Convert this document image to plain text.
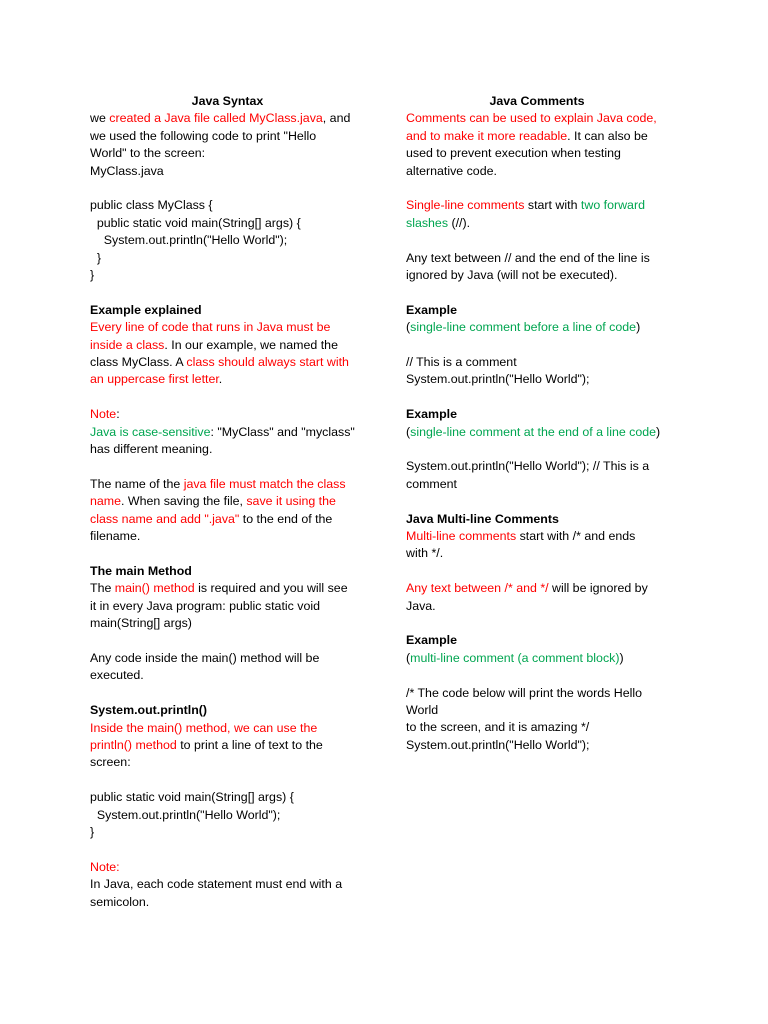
Java Syntax
we created a Java file called MyClass.java, and
we used the following code to print "Hello
World" to the screen:
MyClass.java
public class MyClass {
public static void main(String[] args) {
System.out.println("Hello World");
}
}
Example explained
Every line of code that runs in Java must be
inside a class. In our example, we named the
class MyClass. A class should always start with
an uppercase first letter.
Note:
Java is case-sensitive: "MyClass" and "myclass"
has different meaning.
The name of the java file must match the class
name. When saving the file, save it using the
class name and add ".java" to the end of the
filename.
The main Method
The main() method is required and you will see
it in every Java program: public static void
main(String[] args)
Any code inside the main() method will be
executed.
System.out.println()
Inside the main() method, we can use the
println() method to print a line of text to the
screen:
public static void main(String[] args) {
System.out.println("Hello World");
}
Note:
In Java, each code statement must end with a
semicolon.
Java Comments
Comments can be used to explain Java code,
and to make it more readable. It can also be
used to prevent execution when testing
alternative code.
Single-line comments start with two forward
slashes (//).
Any text between // and the end of the line is
ignored by Java (will not be executed).
Example
(single-line comment before a line of code)
// This is a comment
System.out.println("Hello World");
Example
(single-line comment at the end of a line code)
System.out.println("Hello World"); // This is a
comment
Java Multi-line Comments
Multi-line comments start with /* and ends
with */.
Any text between /* and */ will be ignored by
Java.
Example
(multi-line comment (a comment block))
/* The code below will print the words Hello
World
to the screen, and it is amazing */
System.out.println("Hello World");
